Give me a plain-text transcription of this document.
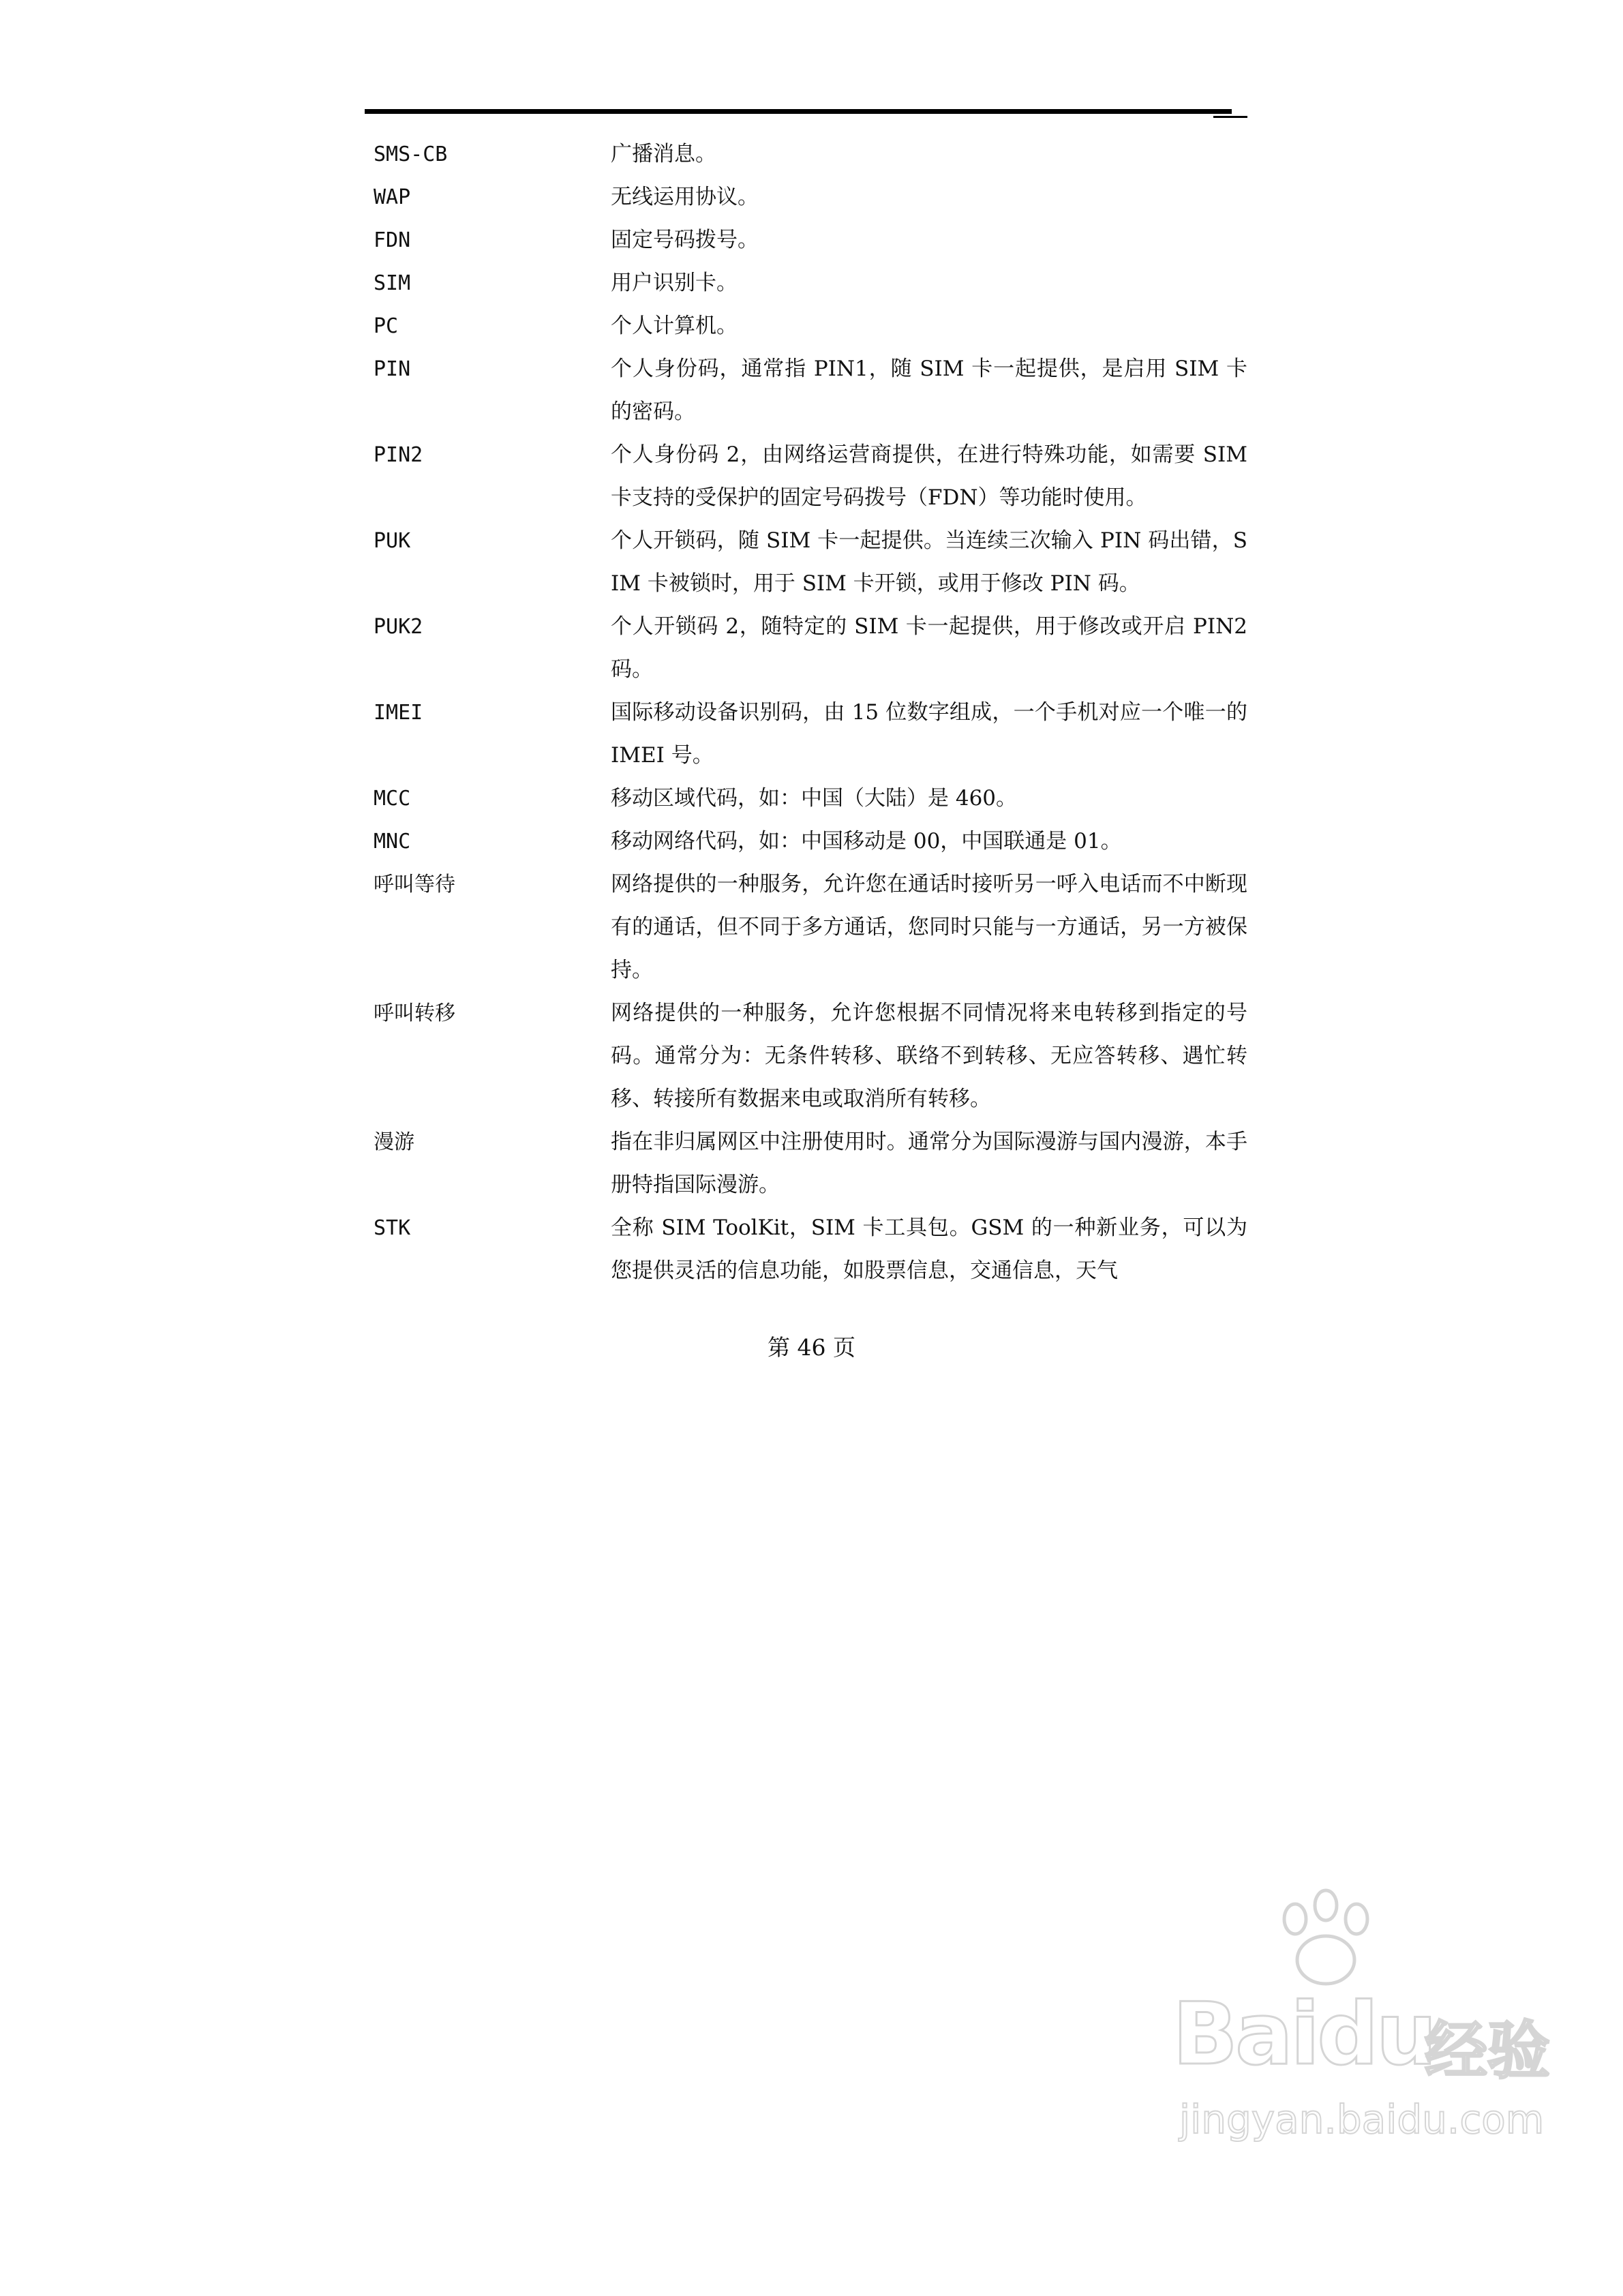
SMS-CB	广播消息。
WAP	无线运用协议。
FDN	固定号码拨号。
SIM	用户识别卡。
PC	个人计算机。
PIN	个人身份码，通常指 PIN1，随 SIM 卡一起提供，是启用 SIM 卡的密码。
PIN2	个人身份码 2，由网络运营商提供，在进行特殊功能，如需要 SIM 卡支持的受保护的固定号码拨号（FDN）等功能时使用。
PUK	个人开锁码，随 SIM 卡一起提供。当连续三次输入 PIN 码出错，SIM 卡被锁时，用于 SIM 卡开锁，或用于修改 PIN 码。
PUK2	个人开锁码 2，随特定的 SIM 卡一起提供，用于修改或开启 PIN2 码。
IMEI	国际移动设备识别码，由 15 位数字组成，一个手机对应一个唯一的 IMEI 号。
MCC	移动区域代码，如：中国（大陆）是 460。
MNC	移动网络代码，如：中国移动是 00，中国联通是 01。
呼叫等待	网络提供的一种服务，允许您在通话时接听另一呼入电话而不中断现有的通话，但不同于多方通话，您同时只能与一方通话，另一方被保持。
呼叫转移	网络提供的一种服务，允许您根据不同情况将来电转移到指定的号码。通常分为：无条件转移、联络不到转移、无应答转移、遇忙转移、转接所有数据来电或取消所有转移。
漫游	指在非归属网区中注册使用时。通常分为国际漫游与国内漫游，本手册特指国际漫游。
STK	全称 SIM ToolKit，SIM 卡工具包。GSM 的一种新业务，可以为您提供灵活的信息功能，如股票信息，交通信息，天气
第 46 页
Baidu
经验
jingyan.baidu.com
